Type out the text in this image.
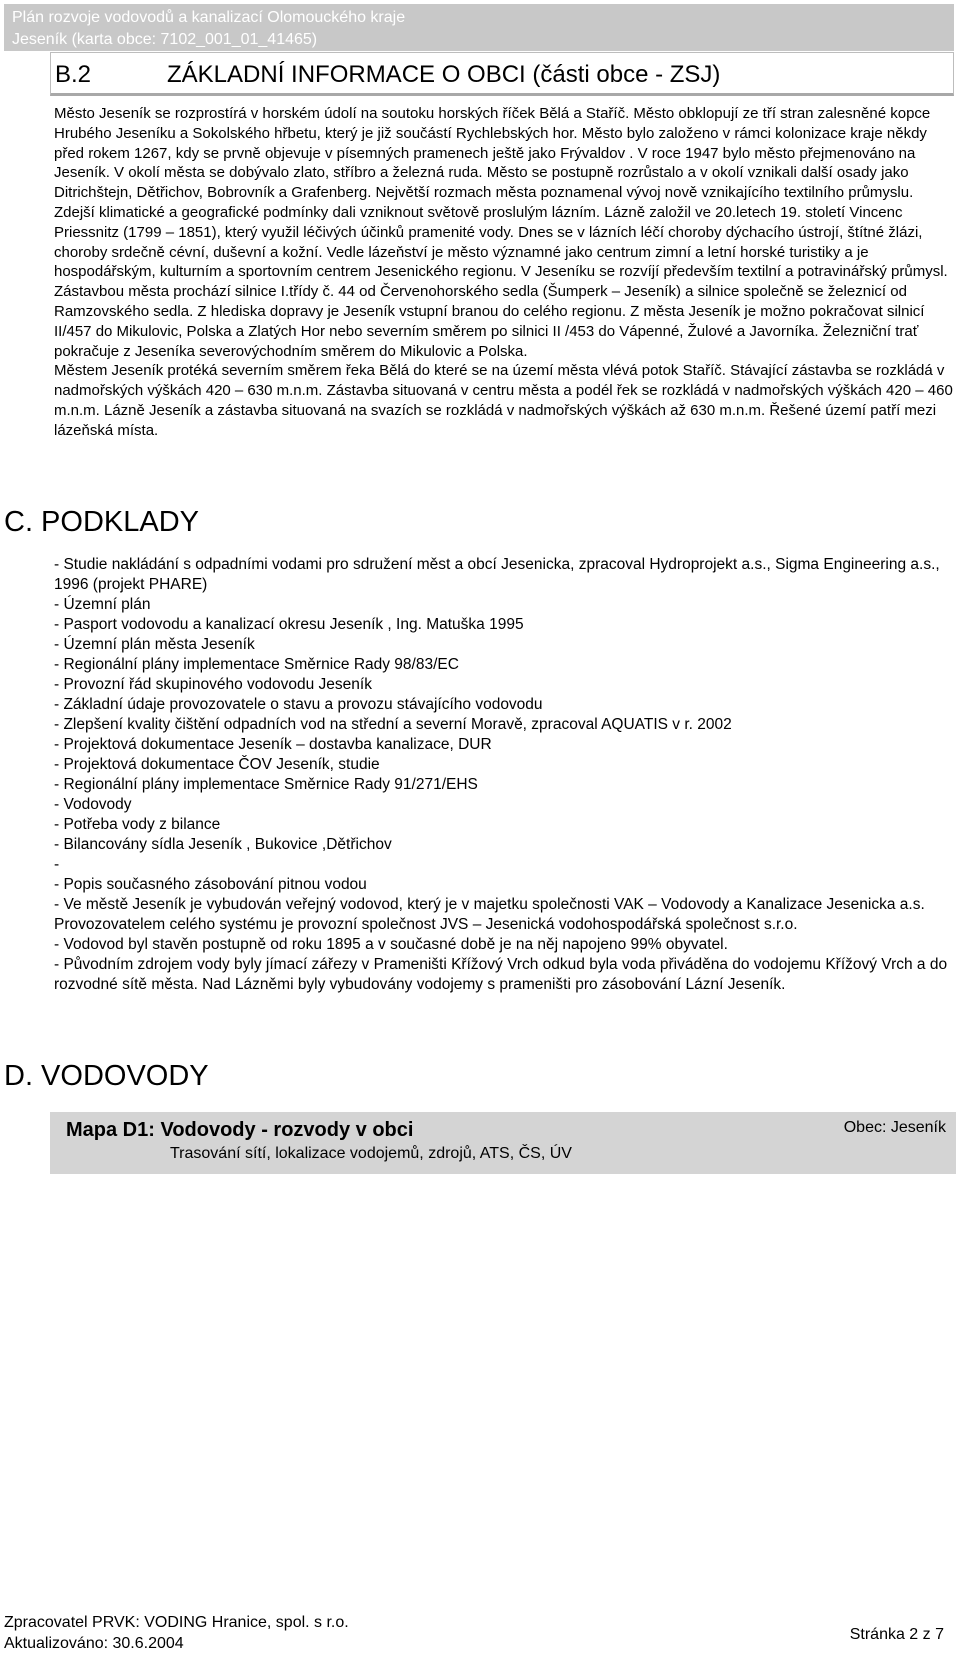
Plán rozvoje vodovodů a kanalizací Olomouckého kraje
Jeseník (karta obce: 7102_001_01_41465)
B.2	ZÁKLADNÍ INFORMACE O OBCI (části obce - ZSJ)
Město Jeseník se rozprostírá v horském údolí na soutoku horských říček Bělá a Staříč. Město obklopují ze tří stran zalesněné kopce Hrubého Jeseníku a Sokolského hřbetu, který je již součástí Rychlebských hor. Město bylo založeno v rámci kolonizace kraje někdy před rokem 1267, kdy se prvně objevuje v písemných pramenech ještě jako Frývaldov . V roce 1947 bylo město přejmenováno na Jeseník. V okolí města se dobývalo zlato, stříbro a železná ruda. Město se postupně rozrůstalo a v okolí vznikali další osady jako Ditrichštejn, Dětřichov, Bobrovník a Grafenberg. Největší rozmach města poznamenal vývoj nově vznikajícího textilního průmyslu. Zdejší klimatické a geografické podmínky dali vzniknout světově proslulým lázním. Lázně založil ve 20.letech 19. století Vincenc Priessnitz (1799 – 1851), který využil léčivých účinků pramenité vody. Dnes se v lázních léčí choroby dýchacího ústrojí, štítné žlázi, choroby srdečně cévní, duševní a kožní. Vedle lázeňství je město významné jako centrum zimní a letní horské turistiky a je hospodářským, kulturním a sportovním centrem Jesenického regionu. V Jeseníku se rozvíjí především textilní a potravinářský průmysl. Zástavbou města prochází silnice I.třídy č. 44 od Červenohorského sedla (Šumperk – Jeseník) a silnice společně se železnicí od Ramzovského sedla. Z hlediska dopravy je Jeseník vstupní branou do celého regionu. Z města Jeseník je možno pokračovat silnicí II/457 do Mikulovic, Polska a Zlatých Hor nebo severním směrem po silnici II /453 do Vápenné, Žulové a Javorníka. Železniční trať pokračuje z Jeseníka severovýchodním směrem do Mikulovic a Polska.
Městem Jeseník protéká severním směrem řeka Bělá do které se na území města vlévá potok Staříč. Stávající zástavba se rozkládá v nadmořských výškách 420 – 630 m.n.m. Zástavba situovaná v centru města a podél řek se rozkládá v nadmořských výškách 420 – 460 m.n.m. Lázně Jeseník a zástavba situovaná na svazích se rozkládá v nadmořských výškách až 630 m.n.m. Řešené území patří mezi lázeňská místa.
C. PODKLADY

- Studie nakládání s odpadními vodami pro sdružení měst a obcí Jesenicka, zpracoval Hydroprojekt a.s., Sigma Engineering a.s., 1996 (projekt PHARE)

- Územní plán

- Pasport vodovodu a kanalizací okresu Jeseník , Ing. Matuška 1995

- Územní plán města Jeseník

- Regionální plány implementace Směrnice Rady 98/83/EC

- Provozní řád skupinového vodovodu Jeseník

- Základní údaje provozovatele o stavu a provozu stávajícího vodovodu

- Zlepšení kvality čištění odpadních vod na střední a severní Moravě, zpracoval AQUATIS v r. 2002

- Projektová dokumentace Jeseník – dostavba kanalizace, DUR

- Projektová dokumentace ČOV Jeseník, studie

- Regionální plány implementace Směrnice Rady 91/271/EHS

- Vodovody

- Potřeba vody z bilance

- Bilancovány sídla Jeseník , Bukovice ,Dětřichov

-

- Popis současného zásobování pitnou vodou

- Ve městě Jeseník je vybudován veřejný vodovod, který je v majetku společnosti VAK – Vodovody a Kanalizace Jesenicka a.s. Provozovatelem celého systému je provozní společnost JVS – Jesenická vodohospodářská společnost s.r.o.

- Vodovod byl stavěn postupně od roku 1895 a v současné době je na něj napojeno 99% obyvatel.

- Původním zdrojem vody byly jímací zářezy v Prameništi Křížový Vrch odkud byla voda přiváděna do vodojemu Křížový Vrch a do rozvodné sítě města. Nad Lázněmi byly vybudovány vodojemy s prameništi pro zásobování Lázní Jeseník.

D. VODOVODY
Mapa D1: Vodovody - rozvody v obci
Trasování sítí, lokalizace vodojemů, zdrojů, ATS, ČS, ÚV
Obec: Jeseník
Zpracovatel PRVK: VODING Hranice, spol. s r.o.
Aktualizováno: 30.6.2004
Stránka 2 z 7
